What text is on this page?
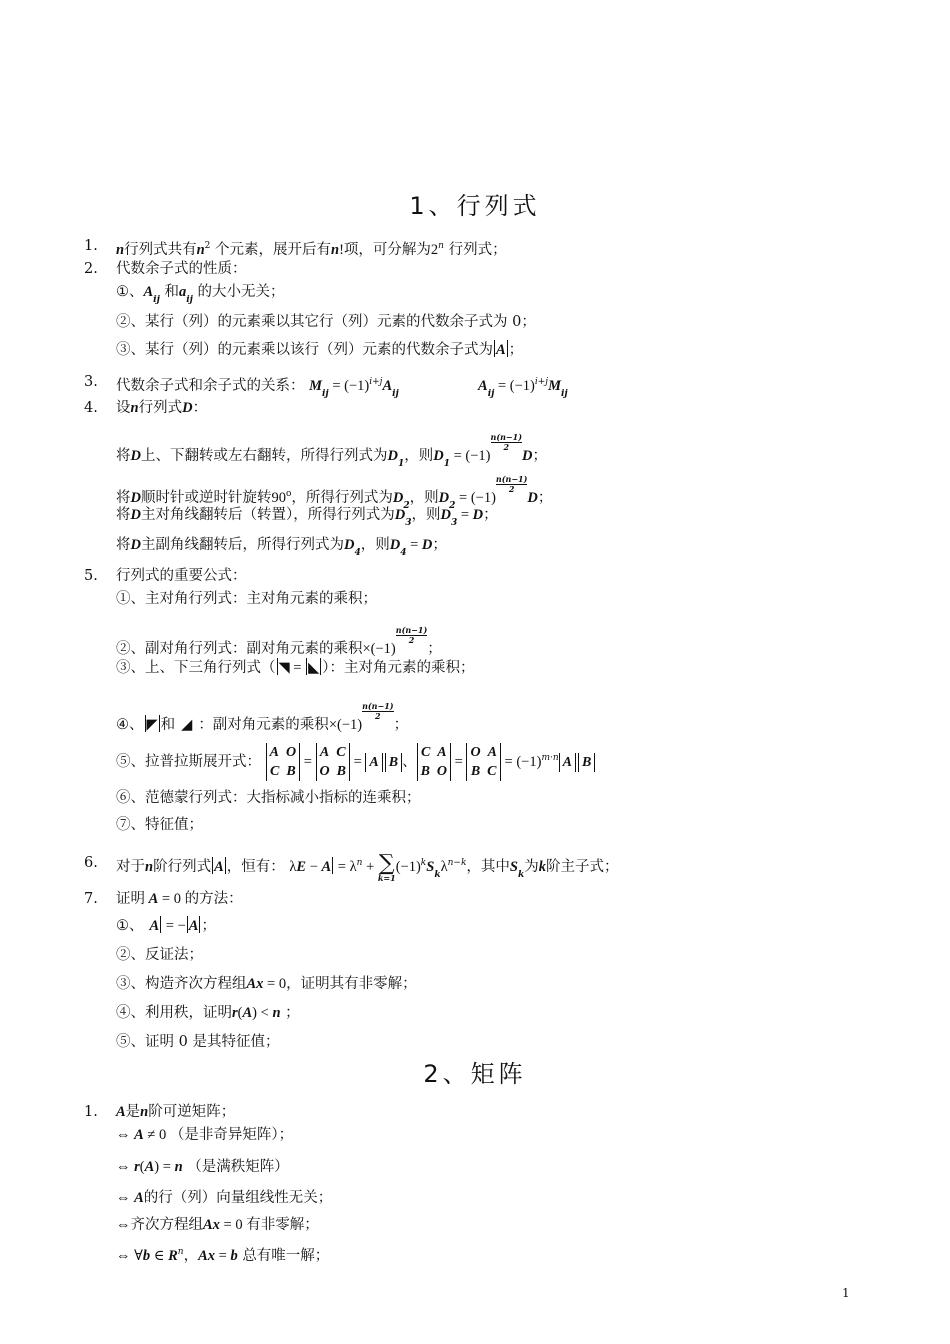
1、行列式
1. n行列式共有$n^2$ 个元素，展开后有n!项，可分解为2$^n$ 行列式；
2. 代数余子式的性质：
①、$A_{ij}$ 和$a_{ij}$ 的大小无关；
②、某行（列）的元素乘以其它行（列）元素的代数余子式为 0；
③、某行（列）的元素乘以该行（列）元素的代数余子式为 A ；
3. 代数余子式和余子式的关系： $M_{ij} = (-1)^{i+j}A_{ij}$	$A_{ij} = (-1)^{i+j}M_{ij}$
4. 设n行列式D：
将D上、下翻转或左右翻转，所得行列式为$D_1$，则$D_1 = (-1)$
$\frac{n(n-1)}{2}$
D；
将D顺时针或逆时针旋转90$^o$，所得行列式为$D_2$，则$D_2 = (-1)$
$\frac{n(n-1)}{2}$
D；
将D主对角线翻转后（转置），所得行列式为$D_3$，则$D_3 = D$；
将D主副角线翻转后，所得行列式为$D_4$，则$D_4 = D$；
5. 行列式的重要公式：
①、主对角行列式：主对角元素的乘积；
②、副对角行列式：副对角元素的乘积×(−1)
$\frac{n(n-1)}{2}$
；
③、上、下三角行列式（ ◥ = ◣ ）：主对角元素的乘积；
④、 ◤ 和 ◢ ：副对角元素的乘积×(−1)
$\frac{n(n-1)}{2}$
；
⑤、拉普拉斯展开式： A  O
C  B = A  C
O  B = A B 、C  A
B  O = O  A
B  $C = (-1)^{m\cdot n}$ A B
⑥、范德蒙行列式：大指标减小指标的连乘积；
⑦、特征值；
6. 对于n阶行列式 A ，恒有： $\lambda E - A = \lambda^n$ + ∑
k=1
$(-1)^kS_k\lambda^{n-k}$，其中$S_k$为k阶主子式；
7. 证明 A = 0 的方法：
①、 A = − A ；
②、反证法；
③、构造齐次方程组Ax = 0，证明其有非零解；
④、利用秩，证明r(A) < n ；
⑤、证明 0 是其特征值；
2、矩阵
1. A是n阶可逆矩阵；
⇔ A ≠ 0 （是非奇异矩阵）；
⇔ r(A) = n （是满秩矩阵）
⇔ A的行（列）向量组线性无关；
⇔齐次方程组Ax = 0 有非零解；
⇔ ∀b ∈ $R^n$，Ax = b 总有唯一解；
1
